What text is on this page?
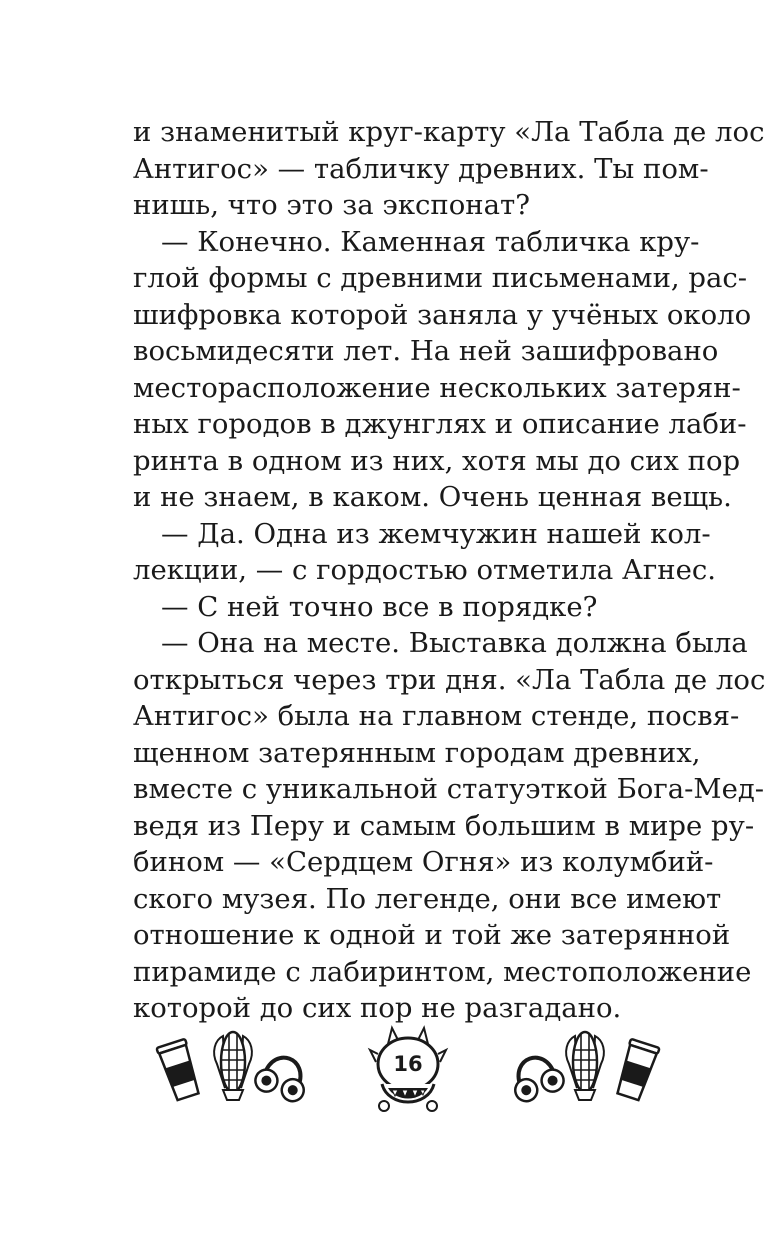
и знаменитый круг-карту «Ла Табла де лос
Антигос» — табличку древних. Ты пом-
нишь, что это за экспонат?
— Конечно. Каменная табличка кру-
глой формы с древними письменами, рас-
шифровка которой заняла у учёных около
восьмидесяти лет. На ней зашифровано
месторасположение нескольких затерян-
ных городов в джунглях и описание лаби-
ринта в одном из них, хотя мы до сих пор
и не знаем, в каком. Очень ценная вещь.
— Да. Одна из жемчужин нашей кол-
лекции, — с гордостью отметила Агнес.
— С ней точно все в порядке?
— Она на месте. Выставка должна была
открыться через три дня. «Ла Табла де лос
Антигос» была на главном стенде, посвя-
щенном затерянным городам древних,
вместе с уникальной статуэткой Бога-Мед-
ведя из Перу и самым большим в мире ру-
бином — «Сердцем Огня» из колумбий-
ского музея. По легенде, они все имеют
отношение к одной и той же затерянной
пирамиде с лабиринтом, местоположение
которой до сих пор не разгадано.
16
